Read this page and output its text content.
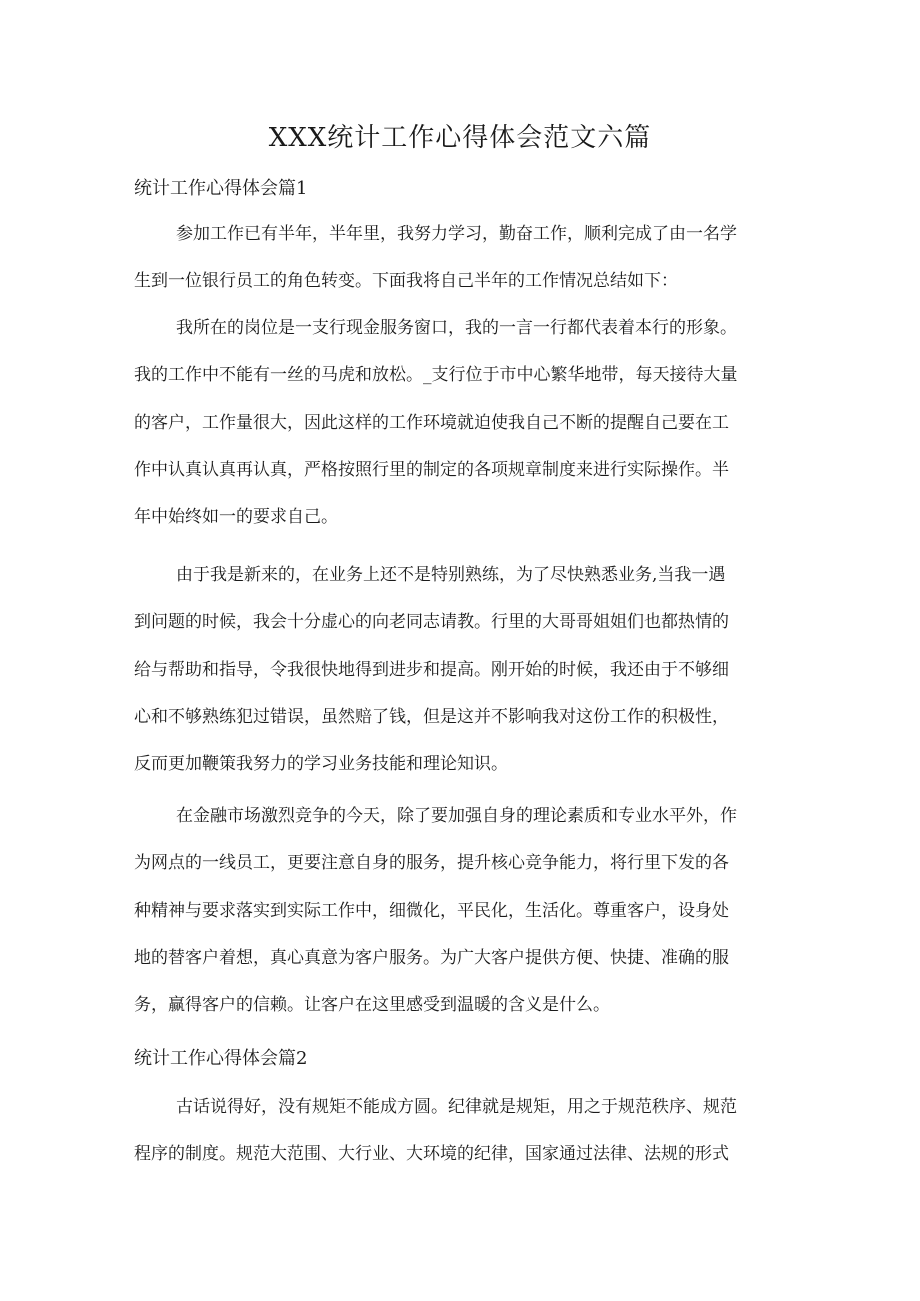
XXX统计工作心得体会范文六篇
统计工作心得体会篇1
参加工作已有半年，半年里，我努力学习，勤奋工作，顺利完成了由一名学
生到一位银行员工的角色转变。下面我将自己半年的工作情况总结如下：
我所在的岗位是一支行现金服务窗口，我的一言一行都代表着本行的形象。
我的工作中不能有一丝的马虎和放松。_支行位于市中心繁华地带，每天接待大量
的客户，工作量很大，因此这样的工作环境就迫使我自己不断的提醒自己要在工
作中认真认真再认真，严格按照行里的制定的各项规章制度来进行实际操作。半
年中始终如一的要求自己。
由于我是新来的，在业务上还不是特别熟练，为了尽快熟悉业务,当我一遇
到问题的时候，我会十分虚心的向老同志请教。行里的大哥哥姐姐们也都热情的
给与帮助和指导，令我很快地得到进步和提高。刚开始的时候，我还由于不够细
心和不够熟练犯过错误，虽然赔了钱，但是这并不影响我对这份工作的积极性，
反而更加鞭策我努力的学习业务技能和理论知识。
在金融市场激烈竞争的今天，除了要加强自身的理论素质和专业水平外，作
为网点的一线员工，更要注意自身的服务，提升核心竞争能力，将行里下发的各
种精神与要求落实到实际工作中，细微化，平民化，生活化。尊重客户，设身处
地的替客户着想，真心真意为客户服务。为广大客户提供方便、快捷、准确的服
务，赢得客户的信赖。让客户在这里感受到温暖的含义是什么。
统计工作心得体会篇2
古话说得好，没有规矩不能成方圆。纪律就是规矩，用之于规范秩序、规范
程序的制度。规范大范围、大行业、大环境的纪律，国家通过法律、法规的形式
